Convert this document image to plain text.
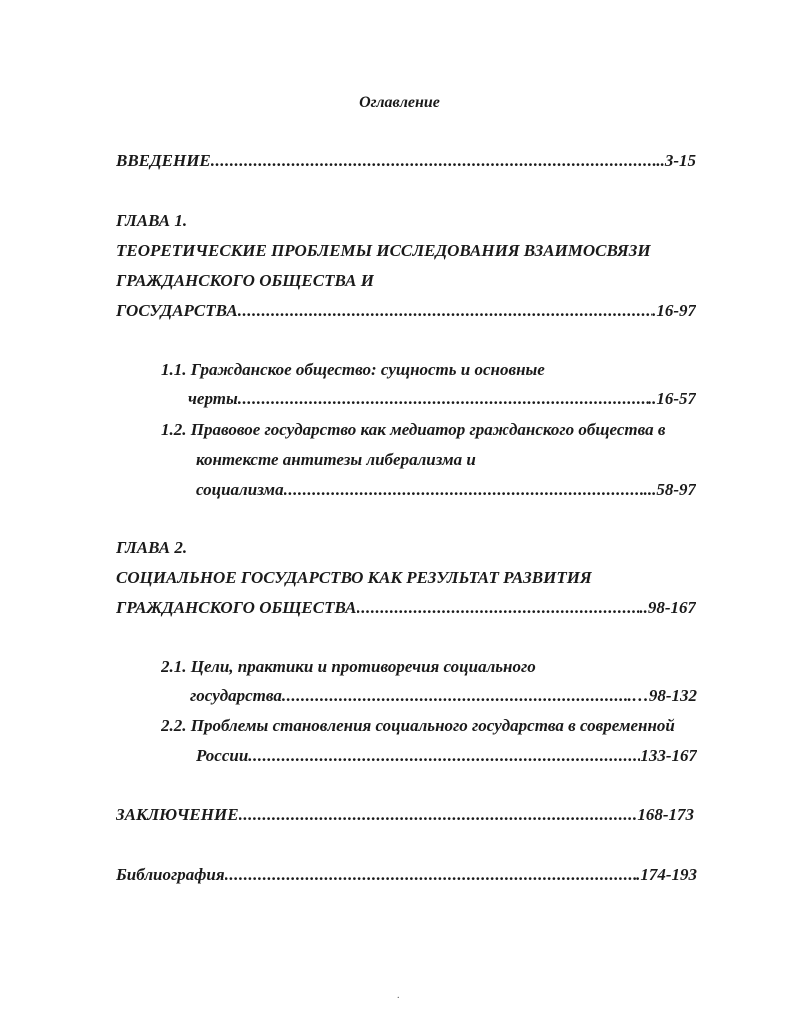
Оглавление
ВВЕДЕНИЕ .....	..3-15
ГЛАВА 1.
ТЕОРЕТИЧЕСКИЕ ПРОБЛЕМЫ ИССЛЕДОВАНИЯ ВЗАИМОСВЯЗИ
ГРАЖДАНСКОГО ОБЩЕСТВА И
ГОСУДАРСТВА .....	.16-97
1.1. Гражданское общество: сущность и основные
черты .....	..16-57
1.2. Правовое государство как медиатор гражданского общества в
контексте антитезы либерализма и
социализма .....	...58-97
ГЛАВА 2.
СОЦИАЛЬНОЕ ГОСУДАРСТВО КАК РЕЗУЛЬТАТ РАЗВИТИЯ
ГРАЖДАНСКОГО ОБЩЕСТВА .....	..98-167
2.1. Цели, практики и противоречия социального
государства .....	.…98-132
2.2. Проблемы становления социального государства в современной
России .....	133-167
ЗАКЛЮЧЕНИЕ .....	168-173
Библиография .....	.174-193
.
